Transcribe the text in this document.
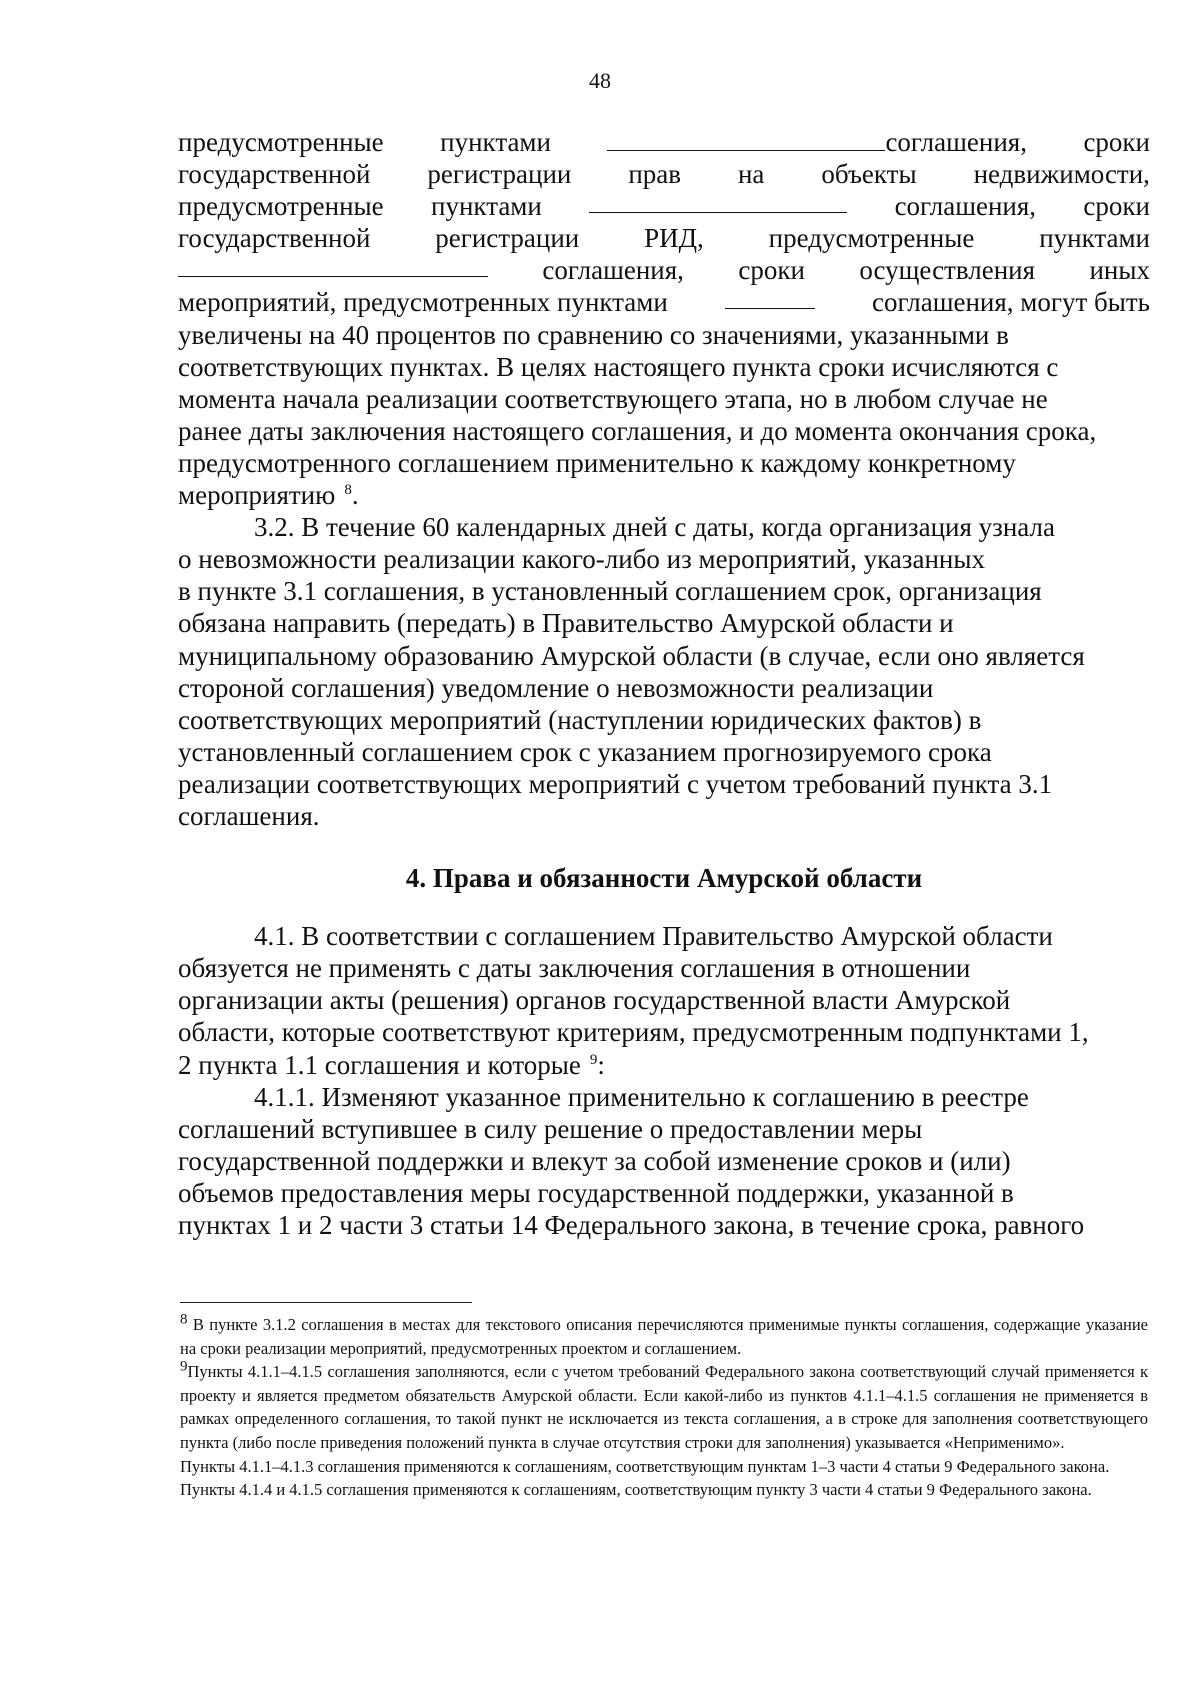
48
предусмотренные пунктами	соглашения, сроки
государственной регистрации прав на объекты недвижимости,
предусмотренные пунктами	соглашения, сроки
государственной регистрации РИД, предусмотренные пунктами
соглашения, сроки осуществления иных
мероприятий, предусмотренных пунктами	соглашения, могут быть
увеличены на 40 процентов по сравнению со значениями, указанными в
соответствующих пунктах. В целях настоящего пункта сроки исчисляются с
момента начала реализации соответствующего этапа, но в любом случае не
ранее даты заключения настоящего соглашения, и до момента окончания срока,
предусмотренного соглашением применительно к каждому конкретному
мероприятию $^8$.
3.2. В течение 60 календарных дней с даты, когда организация узнала
о невозможности реализации какого-либо из мероприятий, указанных
в пункте 3.1 соглашения, в установленный соглашением срок, организация
обязана направить (передать) в Правительство Амурской области и
муниципальному образованию Амурской области (в случае, если оно является
стороной соглашения) уведомление о невозможности реализации
соответствующих мероприятий (наступлении юридических фактов) в
установленный соглашением срок с указанием прогнозируемого срока
реализации соответствующих мероприятий с учетом требований пункта 3.1
соглашения.
4. Права и обязанности Амурской области
4.1. В соответствии с соглашением Правительство Амурской области
обязуется не применять с даты заключения соглашения в отношении
организации акты (решения) органов государственной власти Амурской
области, которые соответствуют критериям, предусмотренным подпунктами 1,
2 пункта 1.1 соглашения и которые $^9$:
4.1.1. Изменяют указанное применительно к соглашению в реестре
соглашений вступившее в силу решение о предоставлении меры
государственной поддержки и влекут за собой изменение сроков и (или)
объемов предоставления меры государственной поддержки, указанной в
пунктах 1 и 2 части 3 статьи 14 Федерального закона, в течение срока, равного
$^8$ В пункте 3.1.2 соглашения в местах для текстового описания перечисляются применимые пункты соглашения, содержащие указание на сроки реализации мероприятий, предусмотренных проектом и соглашением.
$^9$Пункты 4.1.1–4.1.5 соглашения заполняются, если с учетом требований Федерального закона соответствующий случай применяется к проекту и является предметом обязательств Амурской области. Если какой-либо из пунктов 4.1.1–4.1.5 соглашения не применяется в рамках определенного соглашения, то такой пункт не исключается из текста соглашения, а в строке для заполнения соответствующего пункта (либо после приведения положений пункта в случае отсутствия строки для заполнения) указывается «Неприменимо».
Пункты 4.1.1–4.1.3 соглашения применяются к соглашениям, соответствующим пунктам 1–3 части 4 статьи 9 Федерального закона.
Пункты 4.1.4 и 4.1.5 соглашения применяются к соглашениям, соответствующим пункту 3 части 4 статьи 9 Федерального закона.
